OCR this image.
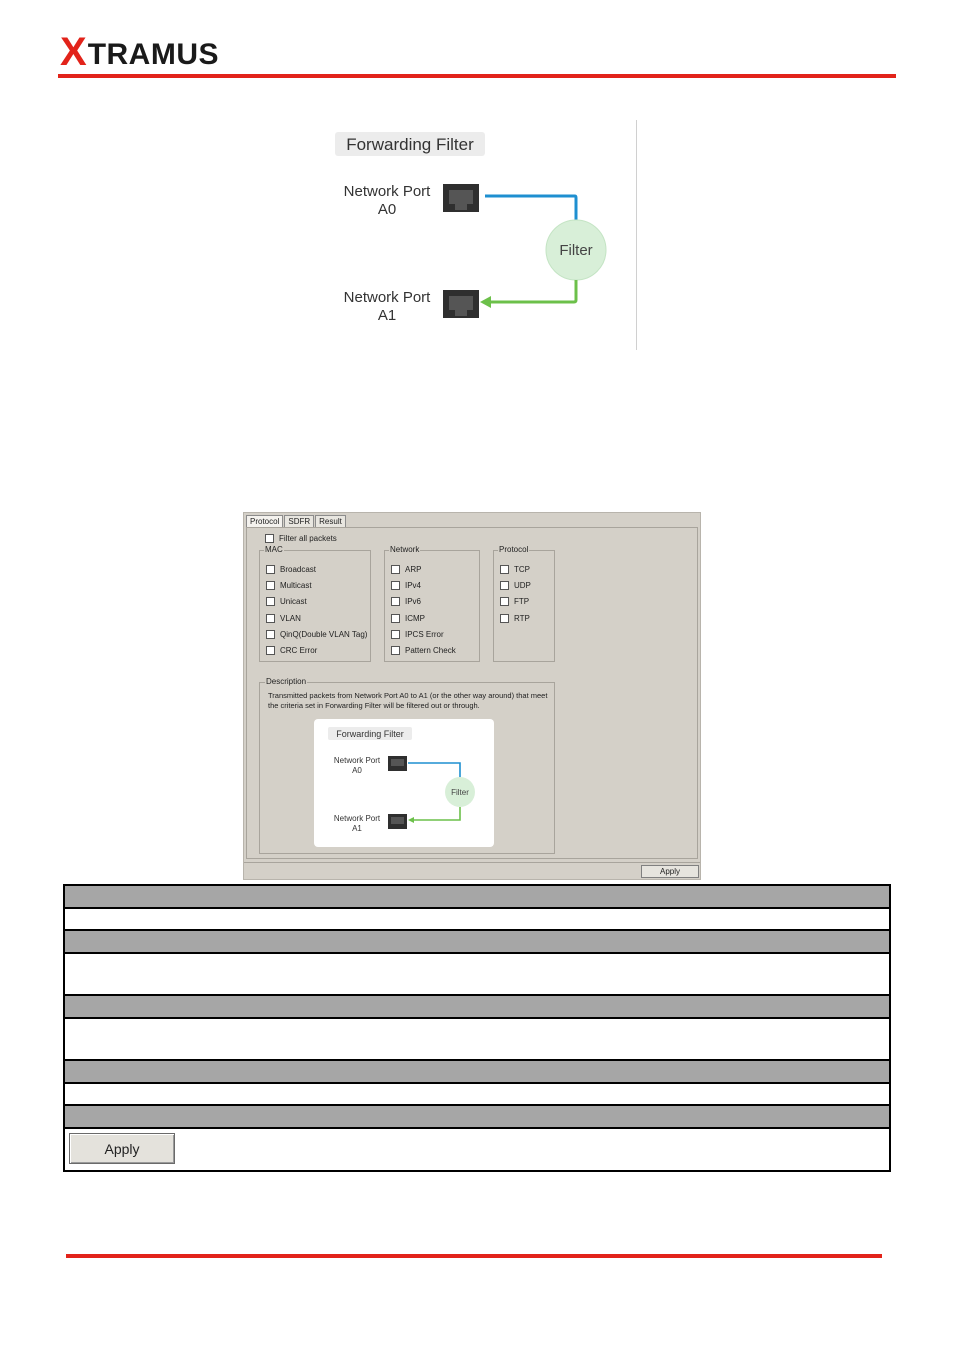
X TRAMUS
Forwarding Filter
Network Port
A0
Filter
Network Port
A1
Protocol	SDFR	Result
Filter all packets
MAC
Broadcast
Multicast
Unicast
VLAN
QinQ(Double VLAN Tag)
CRC Error
Network
ARP
IPv4
IPv6
ICMP
IPCS Error
Pattern Check
Protocol
TCP
UDP
FTP
RTP
Description
Transmitted packets from Network Port A0 to A1 (or the other way around) that meet the criteria set in Forwarding Filter will be filtered out or through.
Forwarding Filter
Network Port
A0
Filter
Network Port
A1
Apply
Apply
